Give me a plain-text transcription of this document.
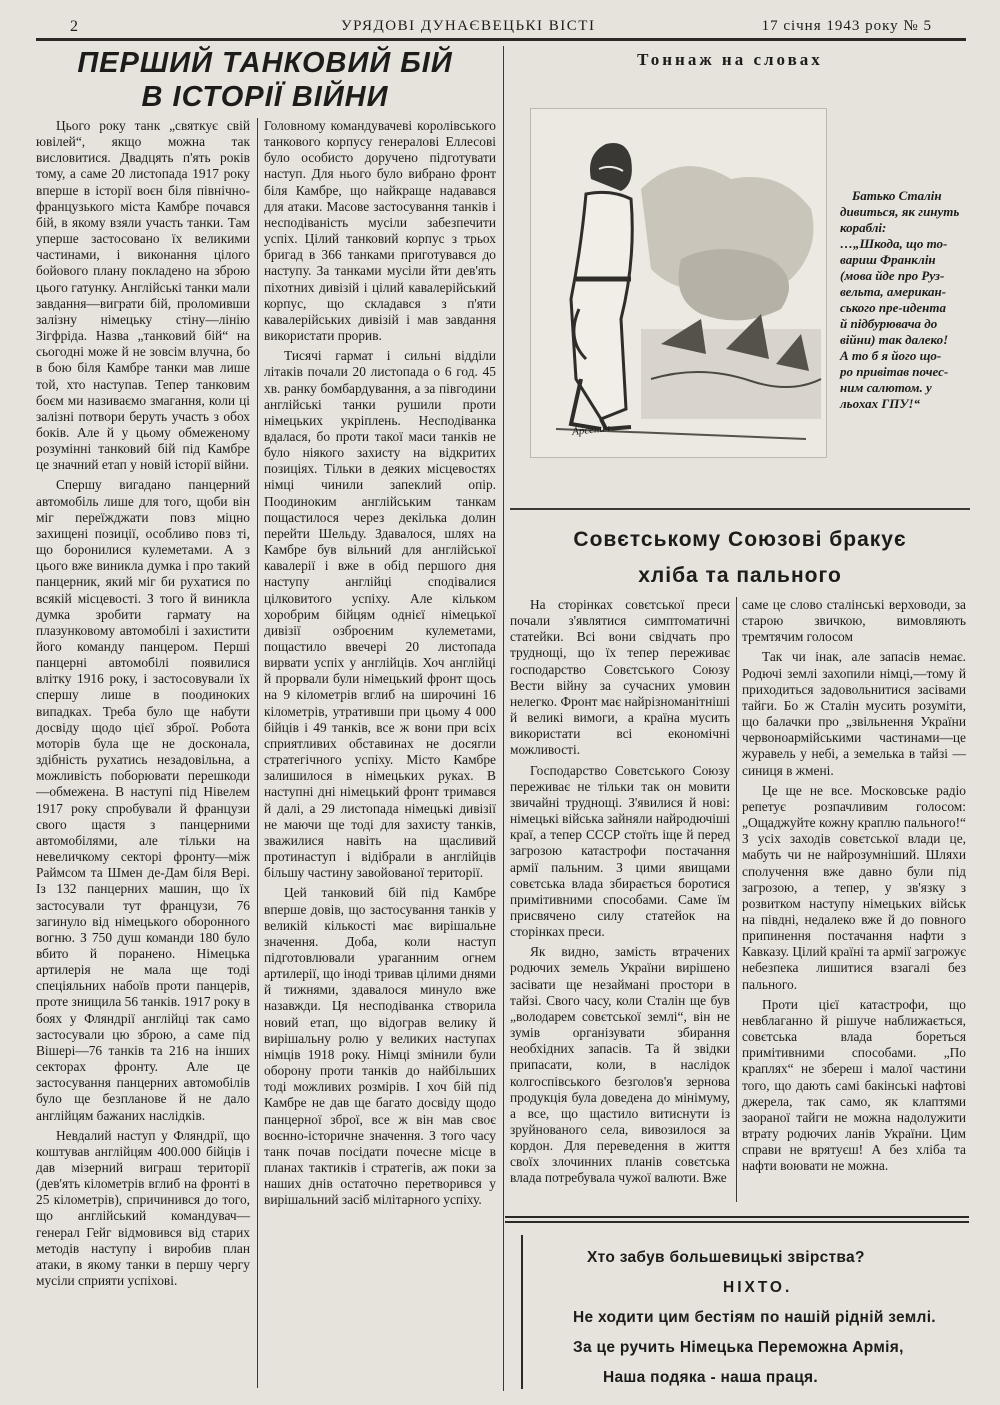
2	УРЯДОВІ ДУНАЄВЕЦЬКІ ВІСТІ	17 січня 1943 року № 5
ПЕРШИЙ ТАНКОВИЙ БІЙ
В ІСТОРІЇ ВІЙНИ

Цього року танк „святкує свій ювілей“, якщо можна так висловитися. Двадцять п'ять років тому, а саме 20 листопада 1917 року вперше в історії воєн біля північно-французького міста Камбре почався бій, в якому взяли участь танки. Там уперше застосовано їх великими частинами, і виконання цілого бойового плану покладено на зброю цього гатунку. Англійські танки мали завдання—виграти бій, проломивши залізну німецьку стіну—лінію Зігфріда. Назва „танковий бій“ на сьогодні може й не зовсім влучна, бо в бою біля Камбре танки мав лише той, хто наступав. Тепер танковим боєм ми називаємо змагання, коли ці залізні потвори беруть участь з обох боків. Але й у цьому обмеженому розумінні танковий бій під Камбре це значний етап у новій історії війни.

Спершу вигадано панцерний автомобіль лише для того, щоби він міг переїжджати повз міцно захищені позиції, особливо повз ті, що боронилися кулеметами. А з цього вже виникла думка і про такий панцерник, який міг би рухатися по всякій місцевості. З того й виникла думка зробити гармату на плазунковому автомобілі і захистити його команду панцером. Перші панцерні автомобілі появилися влітку 1916 року, і застосовували їх спершу лише в поодиноких випадках. Треба було ще набути досвіду щодо цієї зброї. Робота моторів була ще не досконала, здібність рухатись незадовільна, а можливість поборювати перешкоди—обмежена. В наступі під Нівелем 1917 року спробували й французи свого щастя з панцерними автомобілями, але тільки на невеличкому секторі фронту—між Раймсом та Шмен де-Дам біля Вері. Із 132 панцерних машин, що їх застосували тут французи, 76 загинуло від німецького оборонного вогню. З 750 душ команди 180 було вбито й поранено. Німецька артилерія не мала ще тоді спеціяльних набоїв проти панцерів, проте знищила 56 танків. 1917 року в боях у Фляндрії англійці так само застосували цю зброю, а саме під Вішері—76 танків та 216 на інших секторах фронту. Але це застосування панцерних автомобілів було ще безпланове й не дало англійцям бажаних наслідків.

Невдалий наступ у Фляндрії, що коштував англійцям 400.000 бійців і дав мізерний виграш території (дев'ять кілометрів вглиб на фронті в 25 кілометрів), спричинився до того, що англійський командувач—генерал Гейг відмовився від старих методів наступу і виробив план атаки, в якому танки в першу чергу мусіли сприяти успіхові.

Головному командувачеві королівського танкового корпусу генералові Еллесові було особисто доручено підготувати наступ. Для нього було вибрано фронт біля Камбре, що найкраще надавався для атаки. Масове застосування танків і несподіваність мусіли забезпечити успіх. Цілий танковий корпус з трьох бригад в 366 танками приготувався до наступу. За танками мусіли йти дев'ять піхотних дивізій і цілий кавалерійський корпус, що складався з п'яти кавалерійських дивізій і мав завдання використати прорив.

Тисячі гармат і сильні відділи літаків почали 20 листопада о 6 год. 45 хв. ранку бомбардування, а за півгодини англійські танки рушили проти німецьких укріплень. Несподіванка вдалася, бо проти такої маси танків не було ніякого захисту на відкритих позиціях. Тільки в деяких місцевостях німці чинили запеклий опір. Поодиноким англійським танкам пощастилося через декілька долин перейти Шельду. Здавалося, шлях на Камбре був вільний для англійської кавалерії і вже в обід першого дня наступу англійці сподівалися цілковитого успіху. Але кільком хоробрим бійцям однієї німецької дивізії озброєним кулеметами, пощастило ввечері 20 листопада вирвати успіх у англійців. Хоч англійці й прорвали були німецький фронт щось на 9 кілометрів вглиб на широчині 16 кілометрів, утративши при цьому 4 000 бійців і 49 танків, все ж вони при всіх сприятливих обставинах не досягли стратегічного успіху. Місто Камбре залишилося в німецьких руках. В наступні дні німецький фронт тримався й далі, а 29 листопада німецькі дивізії не маючи ще тоді для захисту танків, зважилися навіть на щасливий протинаступ і відібрали в англійців більшу частину завойованої території.

Цей танковий бій під Камбре вперше довів, що застосування танків у великій кількості має вирішальне значення. Доба, коли наступ підготовлювали ураганним огнем артилерії, що іноді тривав цілими днями й тижнями, здавалося минуло вже назавжди. Ця несподіванка створила новий етап, що відограв велику й вирішальну ролю у великих наступах німців 1918 року. Німці змінили були оборону проти танків до найбільших тоді можливих розмірів. І хоч бій під Камбре не дав ще багато досвіду щодо панцерної зброї, все ж він мав своє воєнно-історичне значення. З того часу танк почав посідати почесне місце в планах тактиків і стратегів, аж поки за наших днів остаточно перетворився у вирішальний засіб мілітарного успіху.

Тоннаж на словах
Арсенич
Батько Сталін
дивиться, як гинуть
кораблі:
…„Шкода, що то-
вариш Франклін
(мова йде про Руз-
вельта, американ-
ського пре-идента
й підбурювача до
війни) так далеко!
А то б я його що-
ро привітав почес-
ним салютом. у
льохах ГПУ!“
Совєтському Союзові бракує
хліба та пального

На сторінках совєтської преси почали з'являтися симптоматичні статейки. Всі вони свідчать про труднощі, що їх тепер переживає господарство Совєтського Союзу Вести війну за сучасних умовин нелегко. Фронт має найрізноманітніші й великі вимоги, а країна мусить використати всі економічні можливості.

Господарство Совєтського Союзу переживає не тільки так он мовити звичайні труднощі. З'явилися й нові: німецькі війська зайняли найродючіші краї, а тепер СССР стоїть іще й перед загрозою катастрофи постачання армії пальним. З цими явищами совєтська влада збирається боротися примітивними способами. Саме їм присвячено силу статейок на сторінках преси.

Як видно, замість втрачених родючих земель України вирішено засівати ще незаймані простори в тайзі. Свого часу, коли Сталін ще був „володарем совєтської землі“, він не зумів організувати збирання необхідних запасів. Та й звідки припасати, коли, в наслідок колгоспівського безголов'я зернова продукція була доведена до мінімуму, а все, що щастило витиснути із зруйнованого села, вивозилося за кордон. Для переведення в життя своїх злочинних планів совєтська влада потребувала чужої валюти. Вже

саме це слово сталінські верховоди, за старою звичкою, вимовляють тремтячим голосом

Так чи інак, але запасів немає. Родючі землі захопили німці,—тому й приходиться задовольнитися засівами тайги. Бо ж Сталін мусить розуміти, що балачки про „звільнення України червоноармійськими частинами—це журавель у небі, а земелька в тайзі — синиця в жмені.

Це ще не все. Московське радіо репетує розпачливим голосом: „Ощаджуйте кожну краплю пального!“ З усіх заходів совєтської влади це, мабуть чи не найрозумніший. Шляхи сполучення вже давно були під загрозою, а тепер, у зв'язку з розвитком наступу німецьких військ на півдні, недалеко вже й до повного припинення постачання нафти з Кавказу. Цілий країні та армії загрожує небезпека лишитися взагалі без пального.

Проти цієї катастрофи, що невблаганно й рішуче наближається, совєтська влада бореться примітивними способами. „По краплях“ не збереш і малої частини того, що дають самі бакінські нафтові джерела, так само, як клаптями заораної тайги не можна надолужити втрату родючих ланів України. Цим справи не врятуєш! А без хліба та нафти воювати не можна.

Хто забув большевицькі звірства?
НІХТО.
Не ходити цим бестіям по нашій рідній землі.
За це ручить Німецька Переможна Армія,
Наша подяка - наша праця.
